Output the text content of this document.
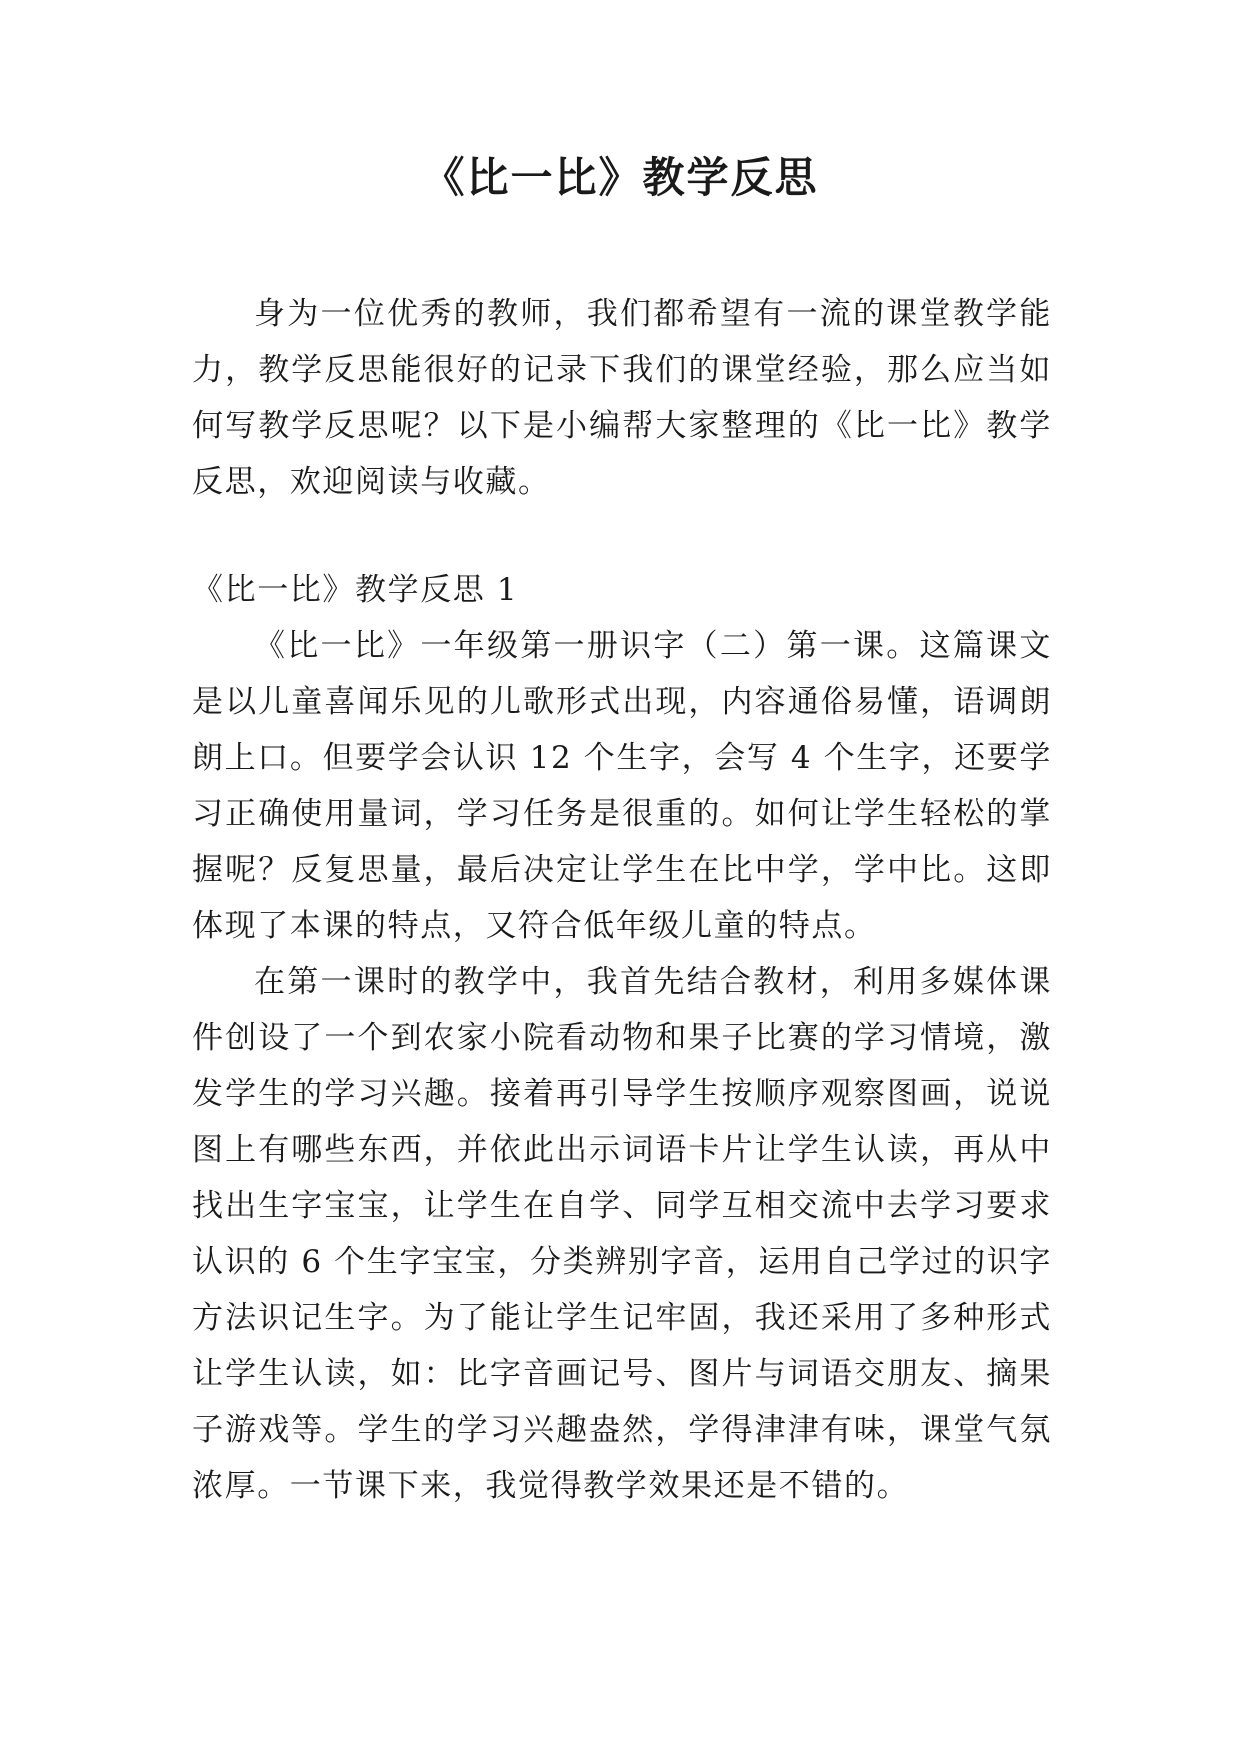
《比一比》教学反思

身为一位优秀的教师，我们都希望有一流的课堂教学能力，教学反思能很好的记录下我们的课堂经验，那么应当如何写教学反思呢？以下是小编帮大家整理的《比一比》教学反思，欢迎阅读与收藏。

《比一比》教学反思 1

《比一比》一年级第一册识字（二）第一课。这篇课文是以儿童喜闻乐见的儿歌形式出现，内容通俗易懂，语调朗朗上口。但要学会认识 12 个生字，会写 4 个生字，还要学习正确使用量词，学习任务是很重的。如何让学生轻松的掌握呢？反复思量，最后决定让学生在比中学，学中比。这即体现了本课的特点，又符合低年级儿童的特点。

在第一课时的教学中，我首先结合教材，利用多媒体课件创设了一个到农家小院看动物和果子比赛的学习情境，激发学生的学习兴趣。接着再引导学生按顺序观察图画，说说图上有哪些东西，并依此出示词语卡片让学生认读，再从中找出生字宝宝，让学生在自学、同学互相交流中去学习要求认识的 6 个生字宝宝，分类辨别字音，运用自己学过的识字方法识记生字。为了能让学生记牢固，我还采用了多种形式让学生认读，如：比字音画记号、图片与词语交朋友、摘果子游戏等。学生的学习兴趣盎然，学得津津有味，课堂气氛浓厚。一节课下来，我觉得教学效果还是不错的。
